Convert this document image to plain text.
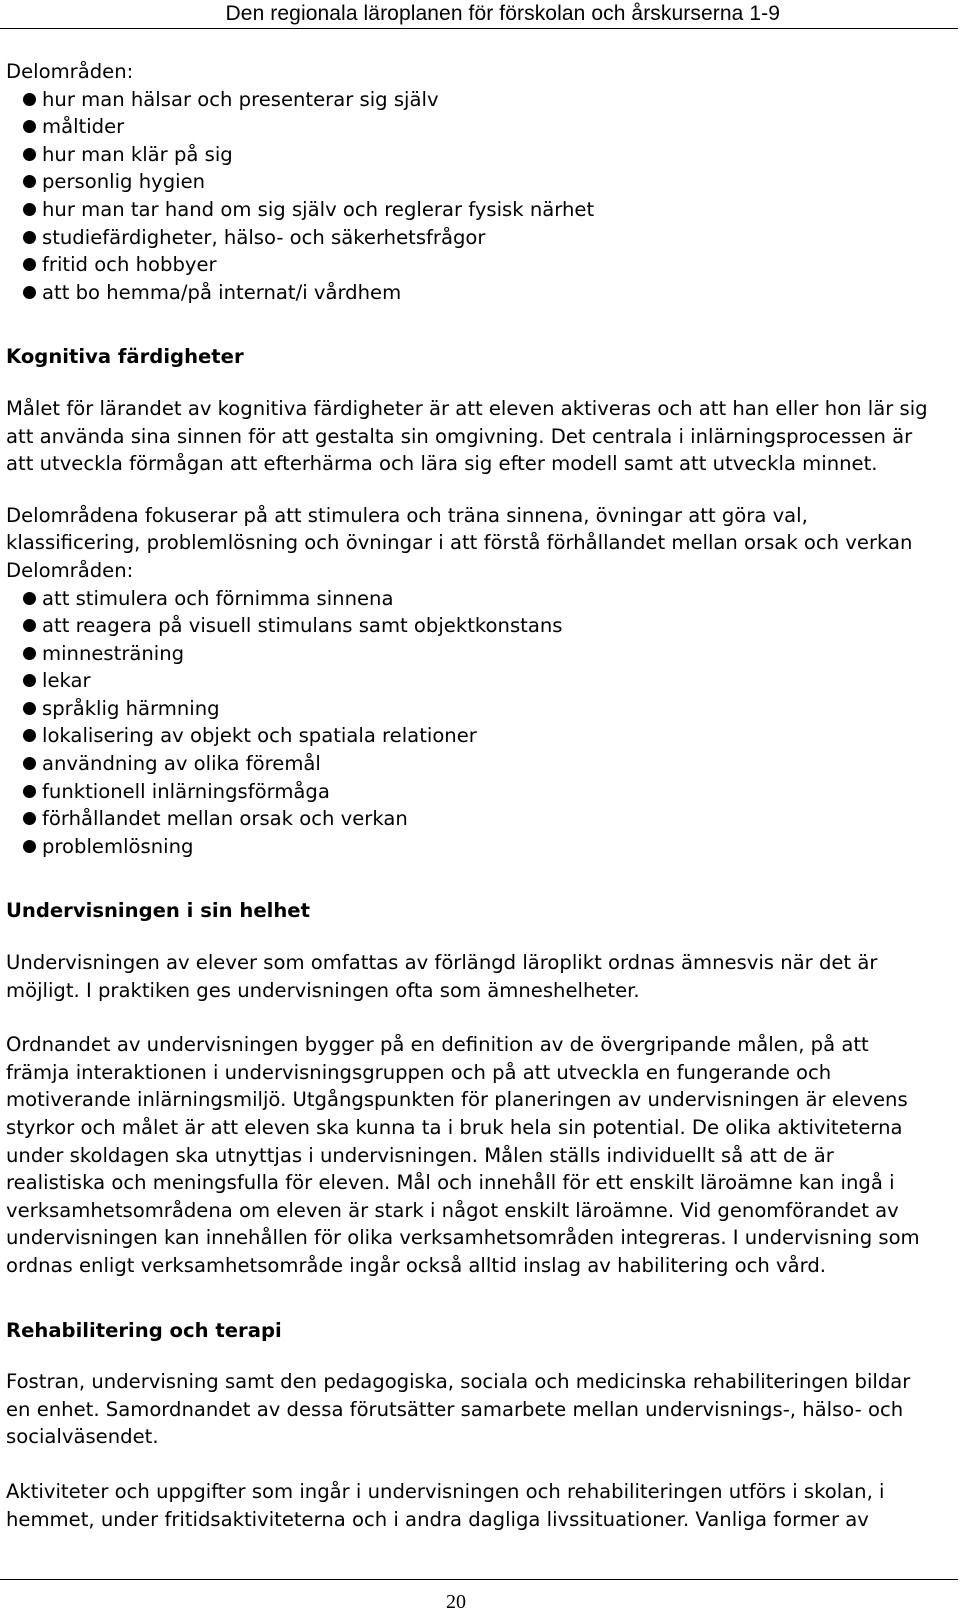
Den regionala läroplanen för förskolan och årskurserna 1-9

Delområden:

hur man hälsar och presenterar sig själv
måltider
hur man klär på sig
personlig hygien
hur man tar hand om sig själv och reglerar fysisk närhet
studiefärdigheter, hälso- och säkerhetsfrågor
fritid och hobbyer
att bo hemma/på internat/i vårdhem
Kognitiva färdigheter

Målet för lärandet av kognitiva färdigheter är att eleven aktiveras och att han eller hon lär sig
att använda sina sinnen för att gestalta sin omgivning. Det centrala i inlärningsprocessen är
att utveckla förmågan att efterhärma och lära sig efter modell samt att utveckla minnet.

Delområdena fokuserar på att stimulera och träna sinnena, övningar att göra val,
klassificering, problemlösning och övningar i att förstå förhållandet mellan orsak och verkan

Delområden:

att stimulera och förnimma sinnena
att reagera på visuell stimulans samt objektkonstans
minnesträning
lekar
språklig härmning
lokalisering av objekt och spatiala relationer
användning av olika föremål
funktionell inlärningsförmåga
förhållandet mellan orsak och verkan
problemlösning
Undervisningen i sin helhet

Undervisningen av elever som omfattas av förlängd läroplikt ordnas ämnesvis när det är
möjligt. I praktiken ges undervisningen ofta som ämneshelheter.

Ordnandet av undervisningen bygger på en definition av de övergripande målen, på att
främja interaktionen i undervisningsgruppen och på att utveckla en fungerande och
motiverande inlärningsmiljö. Utgångspunkten för planeringen av undervisningen är elevens
styrkor och målet är att eleven ska kunna ta i bruk hela sin potential. De olika aktiviteterna
under skoldagen ska utnyttjas i undervisningen. Målen ställs individuellt så att de är
realistiska och meningsfulla för eleven. Mål och innehåll för ett enskilt läroämne kan ingå i
verksamhetsområdena om eleven är stark i något enskilt läroämne. Vid genomförandet av
undervisningen kan innehållen för olika verksamhetsområden integreras. I undervisning som
ordnas enligt verksamhetsområde ingår också alltid inslag av habilitering och vård.

Rehabilitering och terapi

Fostran, undervisning samt den pedagogiska, sociala och medicinska rehabiliteringen bildar
en enhet. Samordnandet av dessa förutsätter samarbete mellan undervisnings-, hälso- och
socialväsendet.

Aktiviteter och uppgifter som ingår i undervisningen och rehabiliteringen utförs i skolan, i
hemmet, under fritidsaktiviteterna och i andra dagliga livssituationer. Vanliga former av

20
